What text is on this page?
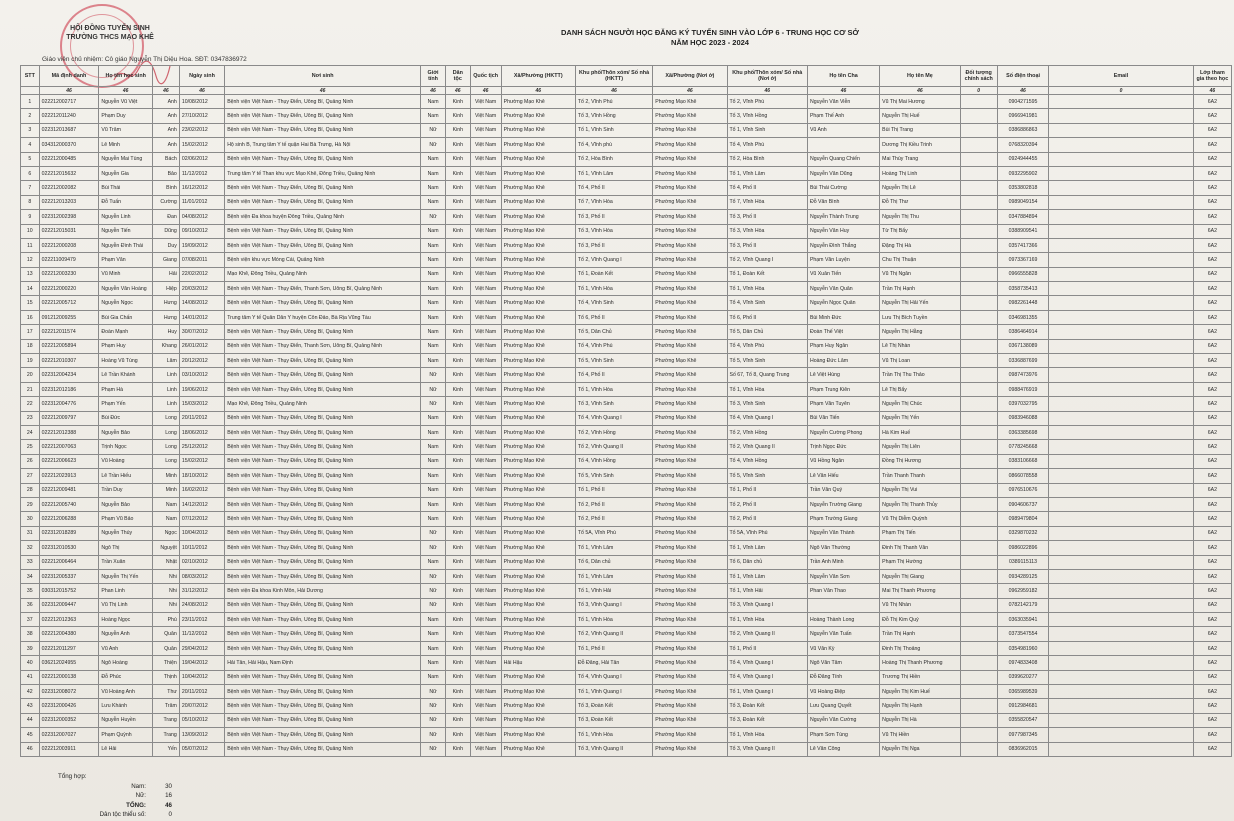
HỘI ĐỒNG TUYỂN SINH
TRƯỜNG THCS MẠO KHÊ
Giáo viên chủ nhiệm: Cô giáo Nguyễn Thị Diệu Hoa. SĐT: 0347836972
DANH SÁCH NGƯỜI HỌC ĐĂNG KÝ TUYỂN SINH VÀO LỚP 6 - TRUNG HỌC CƠ SỞ
NĂM HỌC 2023 - 2024
STT	Mã định danh	Họ tên học sinh		Ngày sinh	Nơi sinh	Giới tính	Dân tộc	Quốc tịch	Xã/Phường (HKTT)	Khu phố/Thôn xóm/ Số nhà (HKTT)	Xã/Phường (Nơi ở)	Khu phố/Thôn xóm/ Số nhà (Nơi ở)	Họ tên Cha	Họ tên Mẹ	Đối tượng chính sách	Số điện thoại	Email	Lớp tham gia theo học
	46	46	46	46	46	46	46	46	46	46	46	46	46	46	0	46	0	46
1	022212002717	Nguyễn Vũ Việt	Anh	10/08/2012	Bệnh viện Việt Nam - Thụy Điển, Uông Bí, Quảng Ninh	Nam	Kinh	Việt Nam	Phường Mạo Khê	Tổ 2, Vĩnh Phú	Phường Mạo Khê	Tổ 2, Vĩnh Phú	Nguyễn Văn Viễn	Vũ Thị Mai Hương		0904271595		6A2
2	022212011240	Phạm Duy	Anh	27/10/2012	Bệnh viện Việt Nam - Thụy Điển, Uông Bí, Quảng Ninh	Nam	Kinh	Việt Nam	Phường Mạo Khê	Tổ 3, Vĩnh Hồng	Phường Mạo Khê	Tổ 3, Vĩnh Hồng	Phạm Thế Anh	Nguyễn Thị Huế		0966941981		6A2
3	022312013687	Vũ Trâm	Anh	23/02/2012	Bệnh viện Việt Nam - Thụy Điển, Uông Bí, Quảng Ninh	Nữ	Kinh	Việt Nam	Phường Mạo Khê	Tổ 1, Vĩnh Sinh	Phường Mạo Khê	Tổ 1, Vĩnh Sinh	Vũ Anh	Bùi Thị Trang		0386886863		6A2
4	034312000370	Lê Minh	Anh	15/02/2012	Hộ sinh B, Trung tâm Y tế quận Hai Bà Trưng, Hà Nội	Nữ	Kinh	Việt Nam	Phường Mạo Khê	Tổ 4, Vĩnh phú	Phường Mạo Khê	Tổ 4, Vĩnh Phú		Dương Thị Kiều Trinh		0768320394		6A2
5	022212000485	Nguyễn Mai Tùng	Bách	02/06/2012	Bệnh viện Việt Nam - Thụy Điển, Uông Bí, Quảng Ninh	Nam	Kinh	Việt Nam	Phường Mạo Khê	Tổ 2, Hòa Bình	Phường Mạo Khê	Tổ 2, Hòa Bình	Nguyễn Quang Chiến	Mai Thùy Trang		0924944455		6A2
6	022212015632	Nguyễn Gia	Bảo	11/12/2012	Trung tâm Y tế Than khu vực Mạo Khê, Đông Triều, Quảng Ninh	Nam	Kinh	Việt Nam	Phường Mạo Khê	Tổ 1, Vĩnh Lâm	Phường Mạo Khê	Tổ 1, Vĩnh Lâm	Nguyễn Văn Dũng	Hoàng Thị Linh		0932295902		6A2
7	022212002082	Bùi Thái	Bình	16/12/2012	Bệnh viện Việt Nam - Thụy Điển, Uông Bí, Quảng Ninh	Nam	Kinh	Việt Nam	Phường Mạo Khê	Tổ 4, Phố II	Phường Mạo Khê	Tổ 4, Phố II	Bùi Thái Cường	Nguyễn Thị Lê		0353802818		6A2
8	022212013203	Đỗ Tuấn	Cường	11/01/2012	Bệnh viện Việt Nam - Thụy Điển, Uông Bí, Quảng Ninh	Nam	Kinh	Việt Nam	Phường Mạo Khê	Tổ 7, Vĩnh Hòa	Phường Mạo Khê	Tổ 7, Vĩnh Hòa	Đỗ Văn Bình	Đỗ Thị Thư		0989049154		6A2
9	022312002398	Nguyễn Linh	Đan	04/08/2012	Bệnh viện Đa khoa huyện Đông Triều, Quảng Ninh	Nữ	Kinh	Việt Nam	Phường Mạo Khê	Tổ 3, Phố II	Phường Mạo Khê	Tổ 3, Phố II	Nguyễn Thành Trung	Nguyễn Thị Thu		0347884894		6A2
10	022212015031	Nguyễn Tiến	Dũng	09/10/2012	Bệnh viện Việt Nam - Thụy Điển, Uông Bí, Quảng Ninh	Nam	Kinh	Việt Nam	Phường Mạo Khê	Tổ 3, Vĩnh Hòa	Phường Mạo Khê	Tổ 3, Vĩnh Hòa	Nguyễn Văn Huy	Từ Thị Bẩy		0388909541		6A2
11	022212000208	Nguyễn Đình Thái	Duy	19/09/2012	Bệnh viện Việt Nam - Thụy Điển, Uông Bí, Quảng Ninh	Nam	Kinh	Việt Nam	Phường Mạo Khê	Tổ 3, Phố II	Phường Mạo Khê	Tổ 3, Phố II	Nguyễn Đình Thắng	Đặng Thị Hà		0357417366		6A2
12	022211009479	Phạm Văn	Giang	07/08/2011	Bệnh viện khu vực Móng Cái, Quảng Ninh	Nam	Kinh	Việt Nam	Phường Mạo Khê	Tổ 2, Vĩnh Quang I	Phường Mạo Khê	Tổ 2, Vĩnh Quang I	Phạm Văn Luyện	Chu Thị Thuận		0973367169		6A2
13	022212003230	Vũ Minh	Hải	22/02/2012	Mạo Khê, Đông Triều, Quảng Ninh	Nam	Kinh	Việt Nam	Phường Mạo Khê	Tổ 1, Đoàn Kết	Phường Mạo Khê	Tổ 1, Đoàn Kết	Vũ Xuân Tiến	Vũ Thị Ngân		0966555828		6A2
14	022212000220	Nguyễn Văn Hoàng	Hiệp	20/03/2012	Bệnh viện Việt Nam - Thụy Điển, Thanh Sơn, Uông Bí, Quảng Ninh	Nam	Kinh	Việt Nam	Phường Mạo Khê	Tổ 1, Vĩnh Hòa	Phường Mạo Khê	Tổ 1, Vĩnh Hòa	Nguyễn Văn Quân	Trần Thị Hạnh		0358735413		6A2
15	022212005712	Nguyễn Ngọc	Hưng	14/08/2012	Bệnh viện Việt Nam - Thụy Điển, Uông Bí, Quảng Ninh	Nam	Kinh	Việt Nam	Phường Mạo Khê	Tổ 4, Vĩnh Sinh	Phường Mạo Khê	Tổ 4, Vĩnh Sinh	Nguyễn Ngọc Quân	Nguyễn Thị Hải Yến		0982261448		6A2
16	091212009255	Bùi Gia Chấn	Hưng	14/01/2012	Trung tâm Y tế Quân Dân Y huyện Côn Đảo, Bà Rịa Vũng Tàu	Nam	Kinh	Việt Nam	Phường Mạo Khê	Tổ 6, Phố II	Phường Mạo Khê	Tổ 6, Phố II	Bùi Minh Đức	Lưu Thị Bích Tuyền		0346981355		6A2
17	022212011574	Đoàn Mạnh	Huy	30/07/2012	Bệnh viện Việt Nam - Thụy Điển, Uông Bí, Quảng Ninh	Nam	Kinh	Việt Nam	Phường Mạo Khê	Tổ 5, Dân Chủ	Phường Mạo Khê	Tổ 5, Dân Chủ	Đoàn Thế Việt	Nguyễn Thị Hằng		0386464914		6A2
18	022212005894	Phạm Huy	Khang	26/01/2012	Bệnh viện Việt Nam - Thụy Điển, Thanh Sơn, Uông Bí, Quảng Ninh	Nam	Kinh	Việt Nam	Phường Mạo Khê	Tổ 4, Vĩnh Phú	Phường Mạo Khê	Tổ 4, Vĩnh Phú	Phạm Huy Ngân	Lê Thị Nhàn		0367138089		6A2
19	022212010307	Hoàng Vũ Tùng	Lâm	20/12/2012	Bệnh viện Việt Nam - Thụy Điển, Uông Bí, Quảng Ninh	Nam	Kinh	Việt Nam	Phường Mạo Khê	Tổ 5, Vĩnh Sinh	Phường Mạo Khê	Tổ 5, Vĩnh Sinh	Hoàng Đức Lâm	Vũ Thị Loan		0336887699		6A2
20	022312004234	Lê Trần Khánh	Linh	03/10/2012	Bệnh viện Việt Nam - Thụy Điển, Uông Bí, Quảng Ninh	Nữ	Kinh	Việt Nam	Phường Mạo Khê	Tổ 4, Phố II	Phường Mạo Khê	Số 67, Tổ 8, Quang Trung	Lê Việt Hùng	Trần Thị Thu Thảo		0987473976		6A2
21	022312012186	Phạm Hà	Linh	19/06/2012	Bệnh viện Việt Nam - Thụy Điển, Uông Bí, Quảng Ninh	Nữ	Kinh	Việt Nam	Phường Mạo Khê	Tổ 1, Vĩnh Hòa	Phường Mạo Khê	Tổ 1, Vĩnh Hòa	Phạm Trung Kiên	Lê Thị Bẩy		0988476919		6A2
22	022312004776	Phạm Yến	Linh	15/03/2012	Mạo Khê, Đông Triều, Quảng Ninh	Nữ	Kinh	Việt Nam	Phường Mạo Khê	Tổ 3, Vĩnh Sinh	Phường Mạo Khê	Tổ 3, Vĩnh Sinh	Phạm Văn Tuyên	Nguyễn Thị Chúc		0397032795		6A2
23	022212009797	Bùi Đức	Long	20/11/2012	Bệnh viện Việt Nam - Thụy Điển, Uông Bí, Quảng Ninh	Nam	Kinh	Việt Nam	Phường Mạo Khê	Tổ 4, Vĩnh Quang I	Phường Mạo Khê	Tổ 4, Vĩnh Quang I	Bùi Văn Tiến	Nguyễn Thị Yến		0983946088		6A2
24	022212012388	Nguyễn Bảo	Long	18/06/2012	Bệnh viện Việt Nam - Thụy Điển, Uông Bí, Quảng Ninh	Nam	Kinh	Việt Nam	Phường Mạo Khê	Tổ 2, Vĩnh Hồng	Phường Mạo Khê	Tổ 2, Vĩnh Hồng	Nguyễn Cường Phong	Hà Kim Huế		0363385698		6A2
25	022212007063	Trịnh Ngọc	Long	25/12/2012	Bệnh viện Việt Nam - Thụy Điển, Uông Bí, Quảng Ninh	Nam	Kinh	Việt Nam	Phường Mạo Khê	Tổ 2, Vĩnh Quang II	Phường Mạo Khê	Tổ 2, Vĩnh Quang II	Trịnh Ngọc Đức	Nguyễn Thị Liên		0778245668		6A2
26	022212006623	Vũ Hoàng	Long	15/02/2012	Bệnh viện Việt Nam - Thụy Điển, Uông Bí, Quảng Ninh	Nam	Kinh	Việt Nam	Phường Mạo Khê	Tổ 4, Vĩnh Hồng	Phường Mạo Khê	Tổ 4, Vĩnh Hồng	Vũ Hồng Ngân	Đồng Thị Hương		0383106668		6A2
27	022212023913	Lê Trần Hiếu	Minh	18/10/2012	Bệnh viện Việt Nam - Thụy Điển, Uông Bí, Quảng Ninh	Nam	Kinh	Việt Nam	Phường Mạo Khê	Tổ 5, Vĩnh Sinh	Phường Mạo Khê	Tổ 5, Vĩnh Sinh	Lê Văn Hiếu	Trần Thanh Thanh		0866078558		6A2
28	022212009481	Trần Duy	Minh	16/02/2012	Bệnh viện Việt Nam - Thụy Điển, Uông Bí, Quảng Ninh	Nam	Kinh	Việt Nam	Phường Mạo Khê	Tổ 1, Phố II	Phường Mạo Khê	Tổ 1, Phố II	Trần Văn Quý	Nguyễn Thị Vui		0976510676		6A2
29	022212005740	Nguyễn Bảo	Nam	14/12/2012	Bệnh viện Việt Nam - Thụy Điển, Uông Bí, Quảng Ninh	Nam	Kinh	Việt Nam	Phường Mạo Khê	Tổ 2, Phố II	Phường Mạo Khê	Tổ 2, Phố II	Nguyễn Trường Giang	Nguyễn Thị Thanh Thủy		0904606737		6A2
30	022212006288	Phạm Vũ Bảo	Nam	07/12/2012	Bệnh viện Việt Nam - Thụy Điển, Uông Bí, Quảng Ninh	Nam	Kinh	Việt Nam	Phường Mạo Khê	Tổ 2, Phố II	Phường Mạo Khê	Tổ 2, Phố II	Phạm Trường Giang	Vũ Thị Diễm Quỳnh		0989479804		6A2
31	022312018289	Nguyễn Thúy	Ngọc	10/04/2012	Bệnh viện Việt Nam - Thụy Điển, Uông Bí, Quảng Ninh	Nữ	Kinh	Việt Nam	Phường Mạo Khê	Tổ 5A, Vĩnh Phú	Phường Mạo Khê	Tổ 5A, Vĩnh Phú	Nguyễn Văn Thành	Phạm Thị Tiến		0329870232		6A2
32	022312010530	Ngô Thị	Nguyệt	10/11/2012	Bệnh viện Việt Nam - Thụy Điển, Uông Bí, Quảng Ninh	Nữ	Kinh	Việt Nam	Phường Mạo Khê	Tổ 1, Vĩnh Lâm	Phường Mạo Khê	Tổ 1, Vĩnh Lâm	Ngô Văn Thường	Đinh Thị Thanh Vân		0986022896		6A2
33	022212006464	Trần Xuân	Nhật	02/10/2012	Bệnh viện Việt Nam - Thụy Điển, Uông Bí, Quảng Ninh	Nam	Kinh	Việt Nam	Phường Mạo Khê	Tổ 6, Dân chủ	Phường Mạo Khê	Tổ 6, Dân chủ	Trần Anh Minh	Phạm Thị Hường		0389115113		6A2
34	022312005337	Nguyễn Thị Yến	Nhi	08/03/2012	Bệnh viện Việt Nam - Thụy Điển, Uông Bí, Quảng Ninh	Nữ	Kinh	Việt Nam	Phường Mạo Khê	Tổ 1, Vĩnh Lâm	Phường Mạo Khê	Tổ 1, Vĩnh Lâm	Nguyễn Văn Sơn	Nguyễn Thị Giang		0934289125		6A2
35	030312015752	Phan Linh	Nhi	31/12/2012	Bệnh viện Đa khoa Kinh Môn, Hải Dương	Nữ	Kinh	Việt Nam	Phường Mạo Khê	Tổ 1, Vĩnh Hải	Phường Mạo Khê	Tổ 1, Vĩnh Hải	Phan Văn Thao	Mai Thị Thanh Phương		0962959182		6A2
36	022312009447	Vũ Thị Linh	Nhi	24/08/2012	Bệnh viện Việt Nam - Thụy Điển, Uông Bí, Quảng Ninh	Nữ	Kinh	Việt Nam	Phường Mạo Khê	Tổ 3, Vĩnh Quang I	Phường Mạo Khê	Tổ 3, Vĩnh Quang I		Vũ Thị Nhàn		0782142179		6A2
37	022212012363	Hoàng Ngọc	Phú	23/11/2012	Bệnh viện Việt Nam - Thụy Điển, Uông Bí, Quảng Ninh	Nam	Kinh	Việt Nam	Phường Mạo Khê	Tổ 1, Vĩnh Hòa	Phường Mạo Khê	Tổ 1, Vĩnh Hòa	Hoàng Thành Long	Đỗ Thị Kim Quý		0363035941		6A2
38	022212004380	Nguyễn Anh	Quân	11/12/2012	Bệnh viện Việt Nam - Thụy Điển, Uông Bí, Quảng Ninh	Nam	Kinh	Việt Nam	Phường Mạo Khê	Tổ 2, Vĩnh Quang II	Phường Mạo Khê	Tổ 2, Vĩnh Quang II	Nguyễn Văn Tuấn	Trần Thị Hạnh		0373547554		6A2
39	022212011297	Vũ Anh	Quân	29/04/2012	Bệnh viện Việt Nam - Thụy Điển, Uông Bí, Quảng Ninh	Nam	Kinh	Việt Nam	Phường Mạo Khê	Tổ 1, Phố II	Phường Mạo Khê	Tổ 1, Phố II	Vũ Văn Kỳ	Đinh Thị Thoảng		0354981960		6A2
40	036212024955	Ngô Hoàng	Thiện	19/04/2012	Hải Tân, Hải Hậu, Nam Định	Nam	Kinh	Việt Nam	Hải Hậu	Đỗ Đăng, Hải Tân	Phường Mạo Khê	Tổ 4, Vĩnh Quang I	Ngô Văn Tâm	Hoàng Thị Thanh Phương		0974833408		6A2
41	022212000138	Đỗ Phúc	Thịnh	10/04/2012	Bệnh viện Việt Nam - Thụy Điển, Uông Bí, Quảng Ninh	Nam	Kinh	Việt Nam	Phường Mạo Khê	Tổ 4, Vĩnh Quang I	Phường Mạo Khê	Tổ 4, Vĩnh Quang I	Đỗ Đăng Tính	Trương Thị Hiền		0399620277		6A2
42	022312008072	Vũ Hoàng Anh	Thư	20/11/2012	Bệnh viện Việt Nam - Thụy Điển, Uông Bí, Quảng Ninh	Nữ	Kinh	Việt Nam	Phường Mạo Khê	Tổ 1, Vĩnh Quang I	Phường Mạo Khê	Tổ 1, Vĩnh Quang I	Vũ Hoàng Điệp	Nguyễn Thị Kim Huế		0365989539		6A2
43	022312000426	Lưu Khánh	Trâm	20/07/2012	Bệnh viện Việt Nam - Thụy Điển, Uông Bí, Quảng Ninh	Nữ	Kinh	Việt Nam	Phường Mạo Khê	Tổ 3, Đoàn Kết	Phường Mạo Khê	Tổ 3, Đoàn Kết	Lưu Quang Quyết	Nguyễn Thị Hạnh		0912984681		6A2
44	022312000352	Nguyễn Huyền	Trang	05/10/2012	Bệnh viện Việt Nam - Thụy Điển, Uông Bí, Quảng Ninh	Nữ	Kinh	Việt Nam	Phường Mạo Khê	Tổ 3, Đoàn Kết	Phường Mạo Khê	Tổ 3, Đoàn Kết	Nguyễn Văn Cường	Nguyễn Thị Hà		0355820547		6A2
45	022312007027	Phạm Quỳnh	Trang	13/09/2012	Bệnh viện Việt Nam - Thụy Điển, Uông Bí, Quảng Ninh	Nữ	Kinh	Việt Nam	Phường Mạo Khê	Tổ 1, Vĩnh Hòa	Phường Mạo Khê	Tổ 1, Vĩnh Hòa	Phạm Sơn Tùng	Vũ Thị Hiền		0977987345		6A2
46	022212003911	Lê Hải	Yến	05/07/2012	Bệnh viện Việt Nam - Thụy Điển, Uông Bí, Quảng Ninh	Nữ	Kinh	Việt Nam	Phường Mạo Khê	Tổ 3, Vĩnh Quang II	Phường Mạo Khê	Tổ 3, Vĩnh Quang II	Lê Văn Công	Nguyễn Thị Nga		0836962015		6A2
Tổng hợp:
Nam:	30
Nữ:	16
TỔNG:	46
Dân tộc thiểu số:	0
